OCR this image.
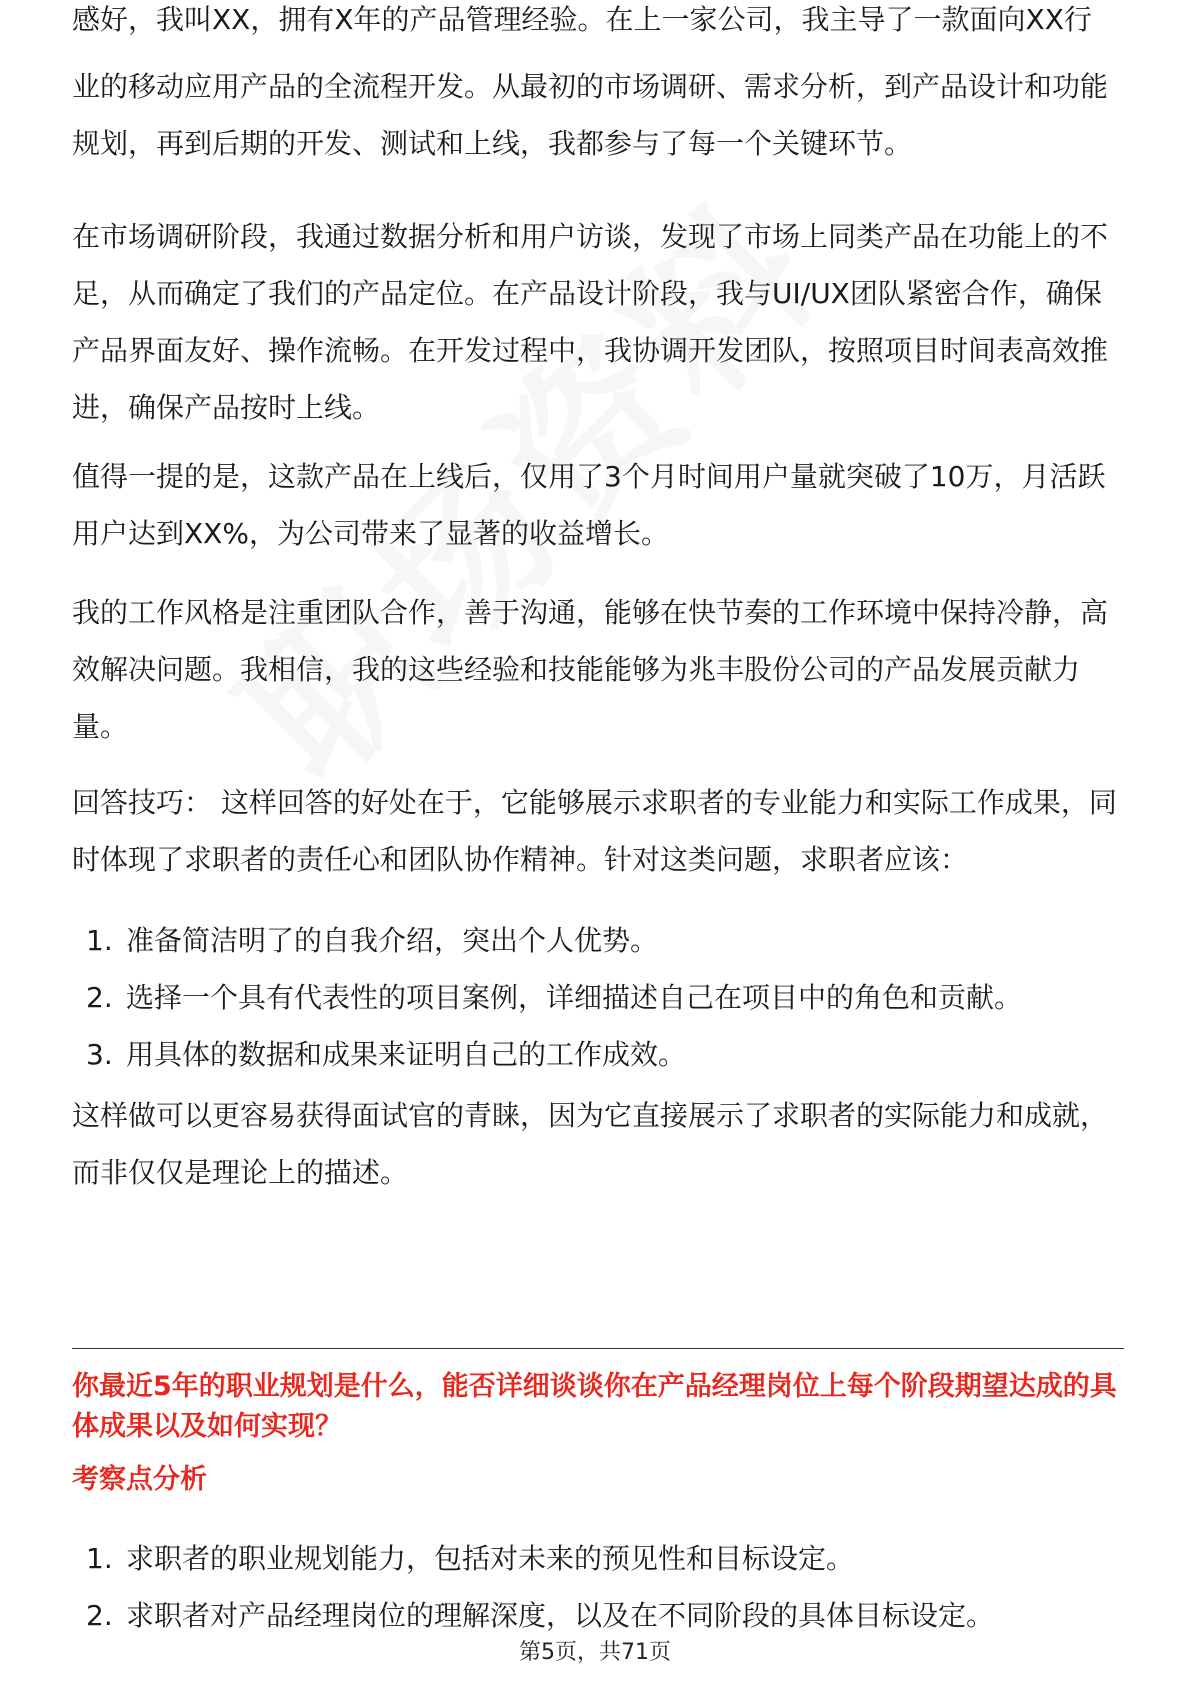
感好，我叫XX，拥有X年的产品管理经验。在上一家公司，我主导了一款面向XX行

业的移动应用产品的全流程开发。从最初的市场调研、需求分析，到产品设计和功能规划，再到后期的开发、测试和上线，我都参与了每一个关键环节。

在市场调研阶段，我通过数据分析和用户访谈，发现了市场上同类产品在功能上的不足，从而确定了我们的产品定位。在产品设计阶段，我与UI/UX团队紧密合作，确保产品界面友好、操作流畅。在开发过程中，我协调开发团队，按照项目时间表高效推进，确保产品按时上线。

值得一提的是，这款产品在上线后，仅用了3个月时间用户量就突破了10万，月活跃用户达到XX%，为公司带来了显著的收益增长。

我的工作风格是注重团队合作，善于沟通，能够在快节奏的工作环境中保持冷静，高效解决问题。我相信，我的这些经验和技能能够为兆丰股份公司的产品发展贡献力量。

回答技巧： 这样回答的好处在于，它能够展示求职者的专业能力和实际工作成果，同时体现了求职者的责任心和团队协作精神。针对这类问题，求职者应该：

1. 准备简洁明了的自我介绍，突出个人优势。
2. 选择一个具有代表性的项目案例，详细描述自己在项目中的角色和贡献。
3. 用具体的数据和成果来证明自己的工作成效。

这样做可以更容易获得面试官的青睐，因为它直接展示了求职者的实际能力和成就，而非仅仅是理论上的描述。

你最近5年的职业规划是什么，能否详细谈谈你在产品经理岗位上每个阶段期望达成的具体成果以及如何实现？
考察点分析
1. 求职者的职业规划能力，包括对未来的预见性和目标设定。
2. 求职者对产品经理岗位的理解深度，以及在不同阶段的具体目标设定。
第5页，共71页
